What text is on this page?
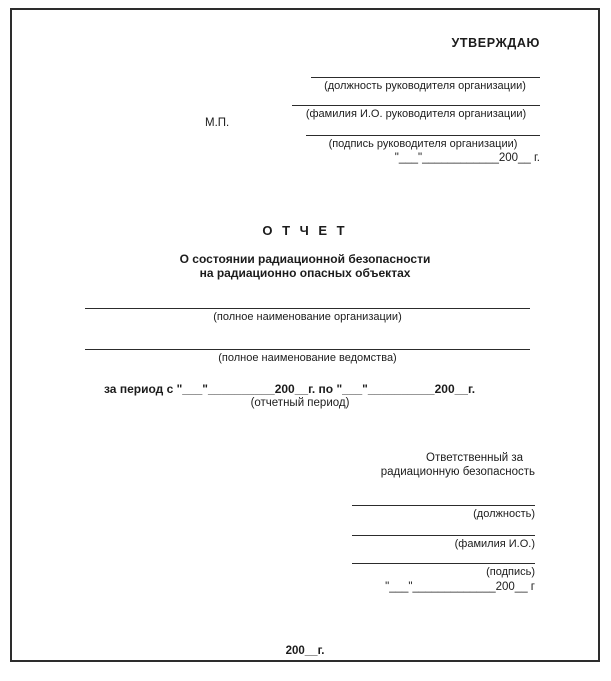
УТВЕРЖДАЮ
(должность руководителя организации)
(фамилия И.О. руководителя организации)
М.П.
(подпись руководителя организации)
"___"____________200__ г.
О Т Ч Е Т
О состоянии радиационной безопасности
на радиационно опасных объектах
(полное наименование организации)
(полное наименование ведомства)
за период с "___"__________200__г. по "___"__________200__г.
(отчетный период)
Ответственный за
радиационную безопасность
(должность)
(фамилия И.О.)
(подпись)
"___"_____________200__ г
200__г.
